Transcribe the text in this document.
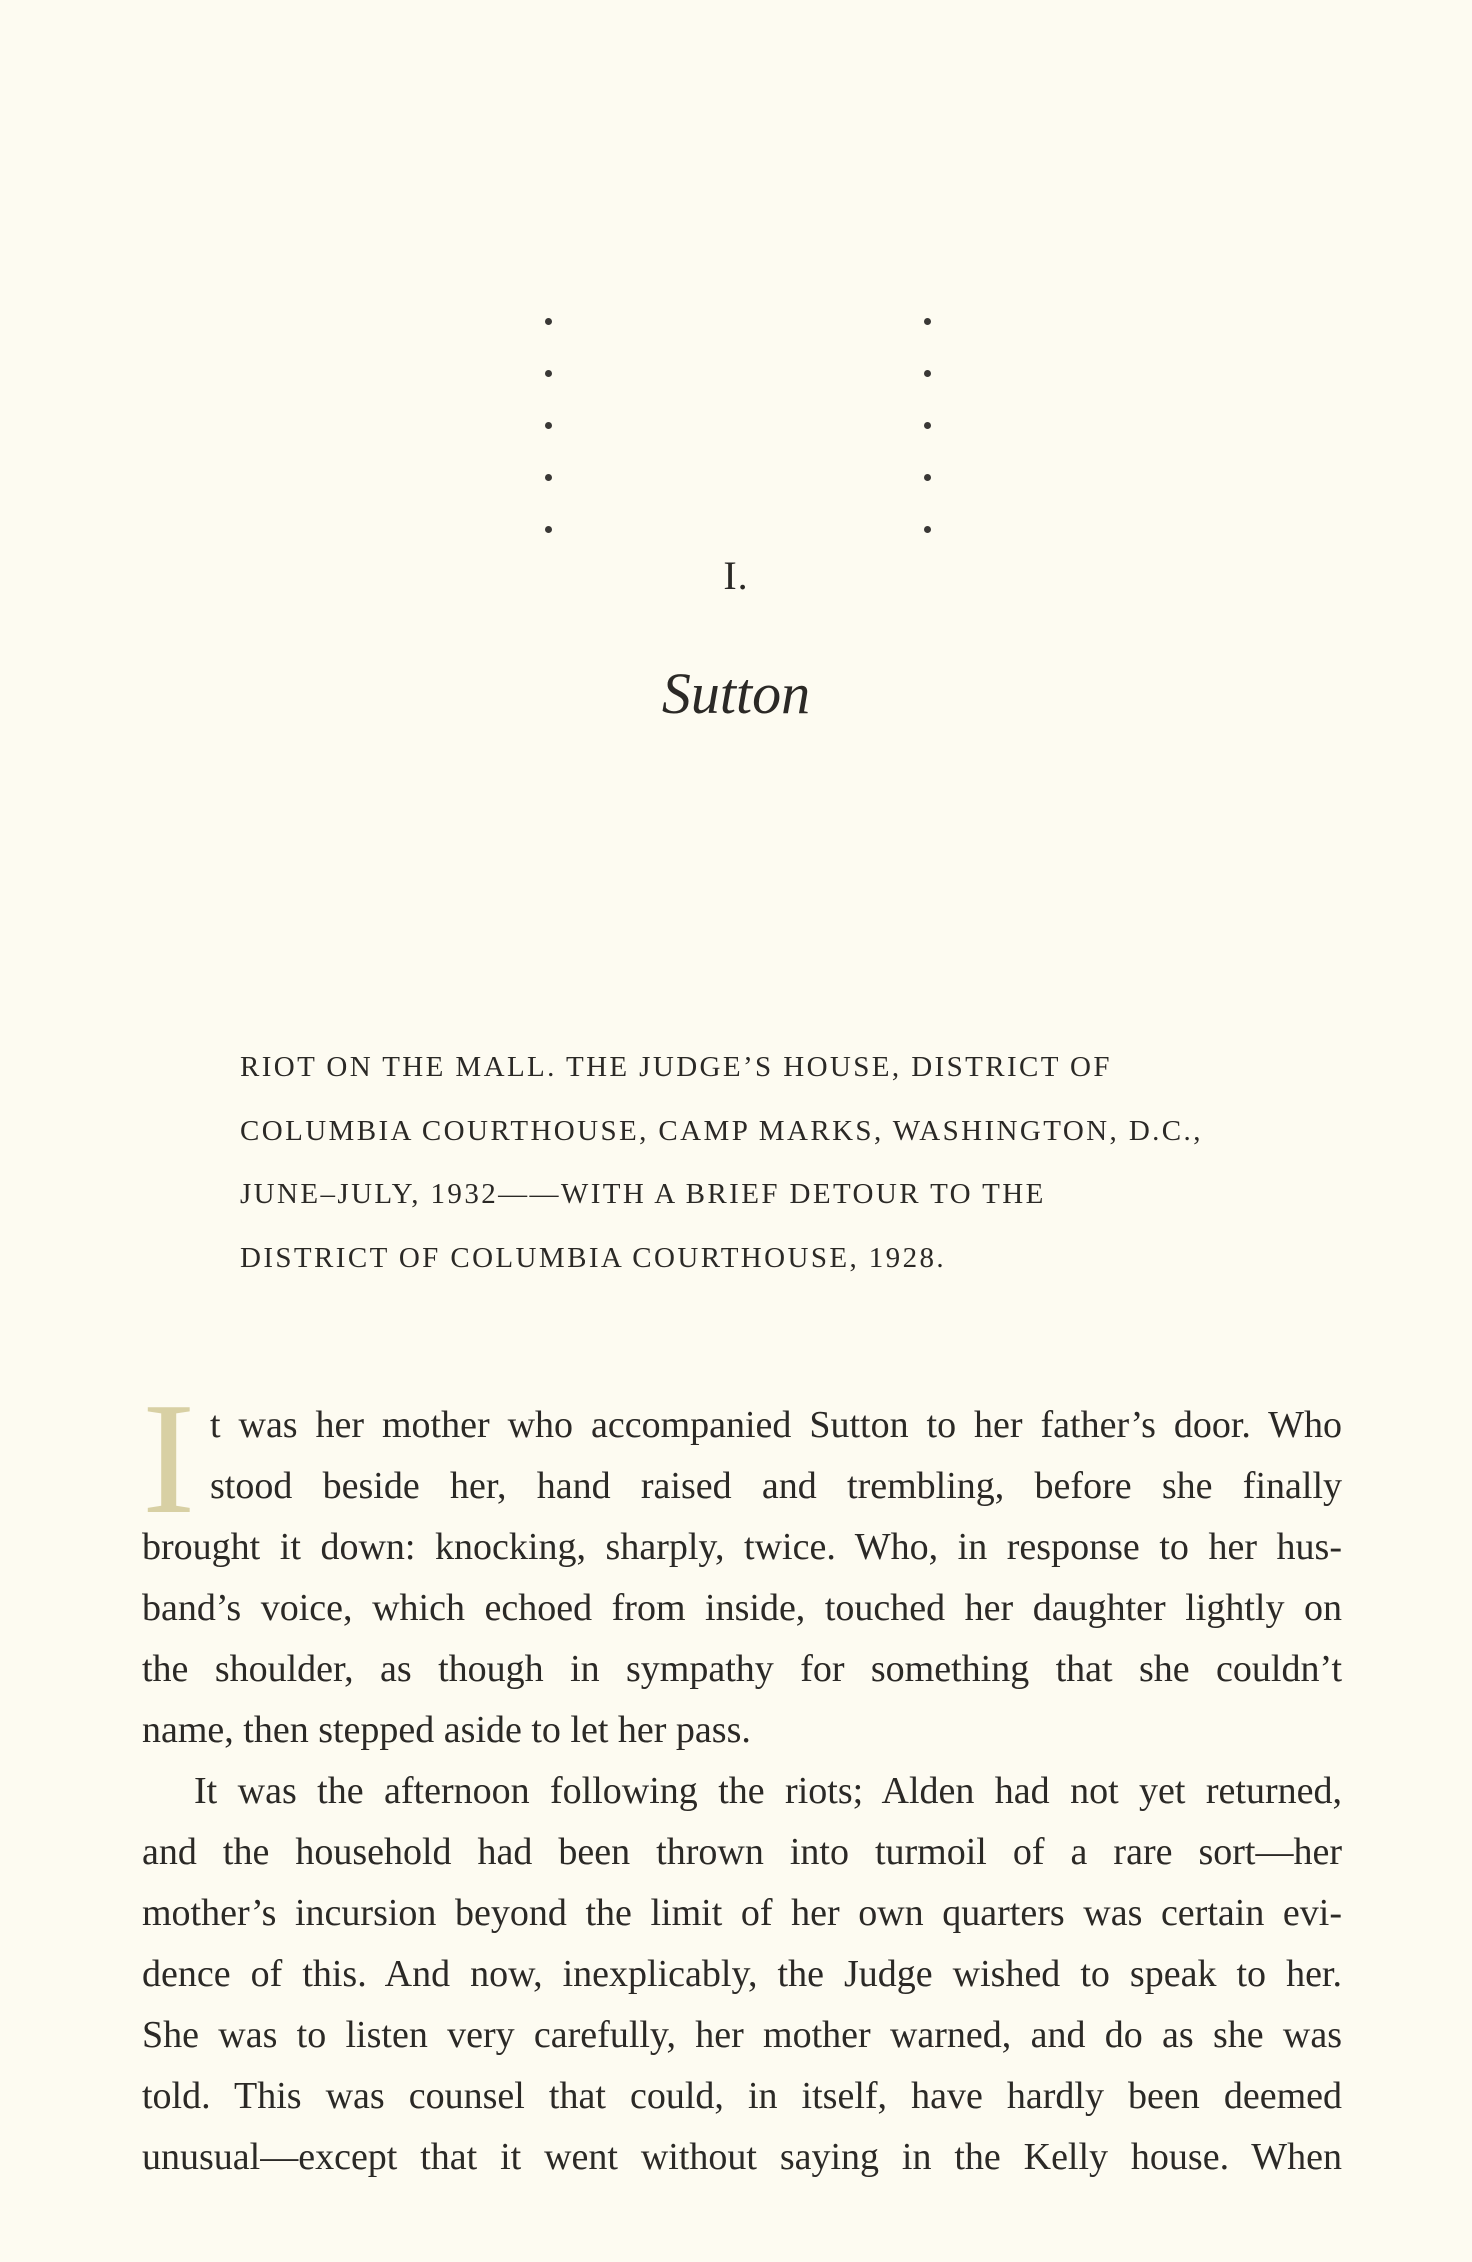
I.
Sutton
RIOT ON THE MALL. THE JUDGE’S HOUSE, DISTRICT OF
COLUMBIA COURTHOUSE, CAMP MARKS, WASHINGTON, D.C.,
JUNE–JULY, 1932——WITH A BRIEF DETOUR TO THE
DISTRICT OF COLUMBIA COURTHOUSE, 1928.
I t was her mother who accompanied Sutton to her father’s door. Who
stood beside her, hand raised and trembling, before she finally
brought it down: knocking, sharply, twice. Who, in response to her hus-
band’s voice, which echoed from inside, touched her daughter lightly on
the shoulder, as though in sympathy for something that she couldn’t
name, then stepped aside to let her pass.

It was the afternoon following the riots; Alden had not yet returned,
and the household had been thrown into turmoil of a rare sort—her
mother’s incursion beyond the limit of her own quarters was certain evi-
dence of this. And now, inexplicably, the Judge wished to speak to her.
She was to listen very carefully, her mother warned, and do as she was
told. This was counsel that could, in itself, have hardly been deemed
unusual—except that it went without saying in the Kelly house. When
